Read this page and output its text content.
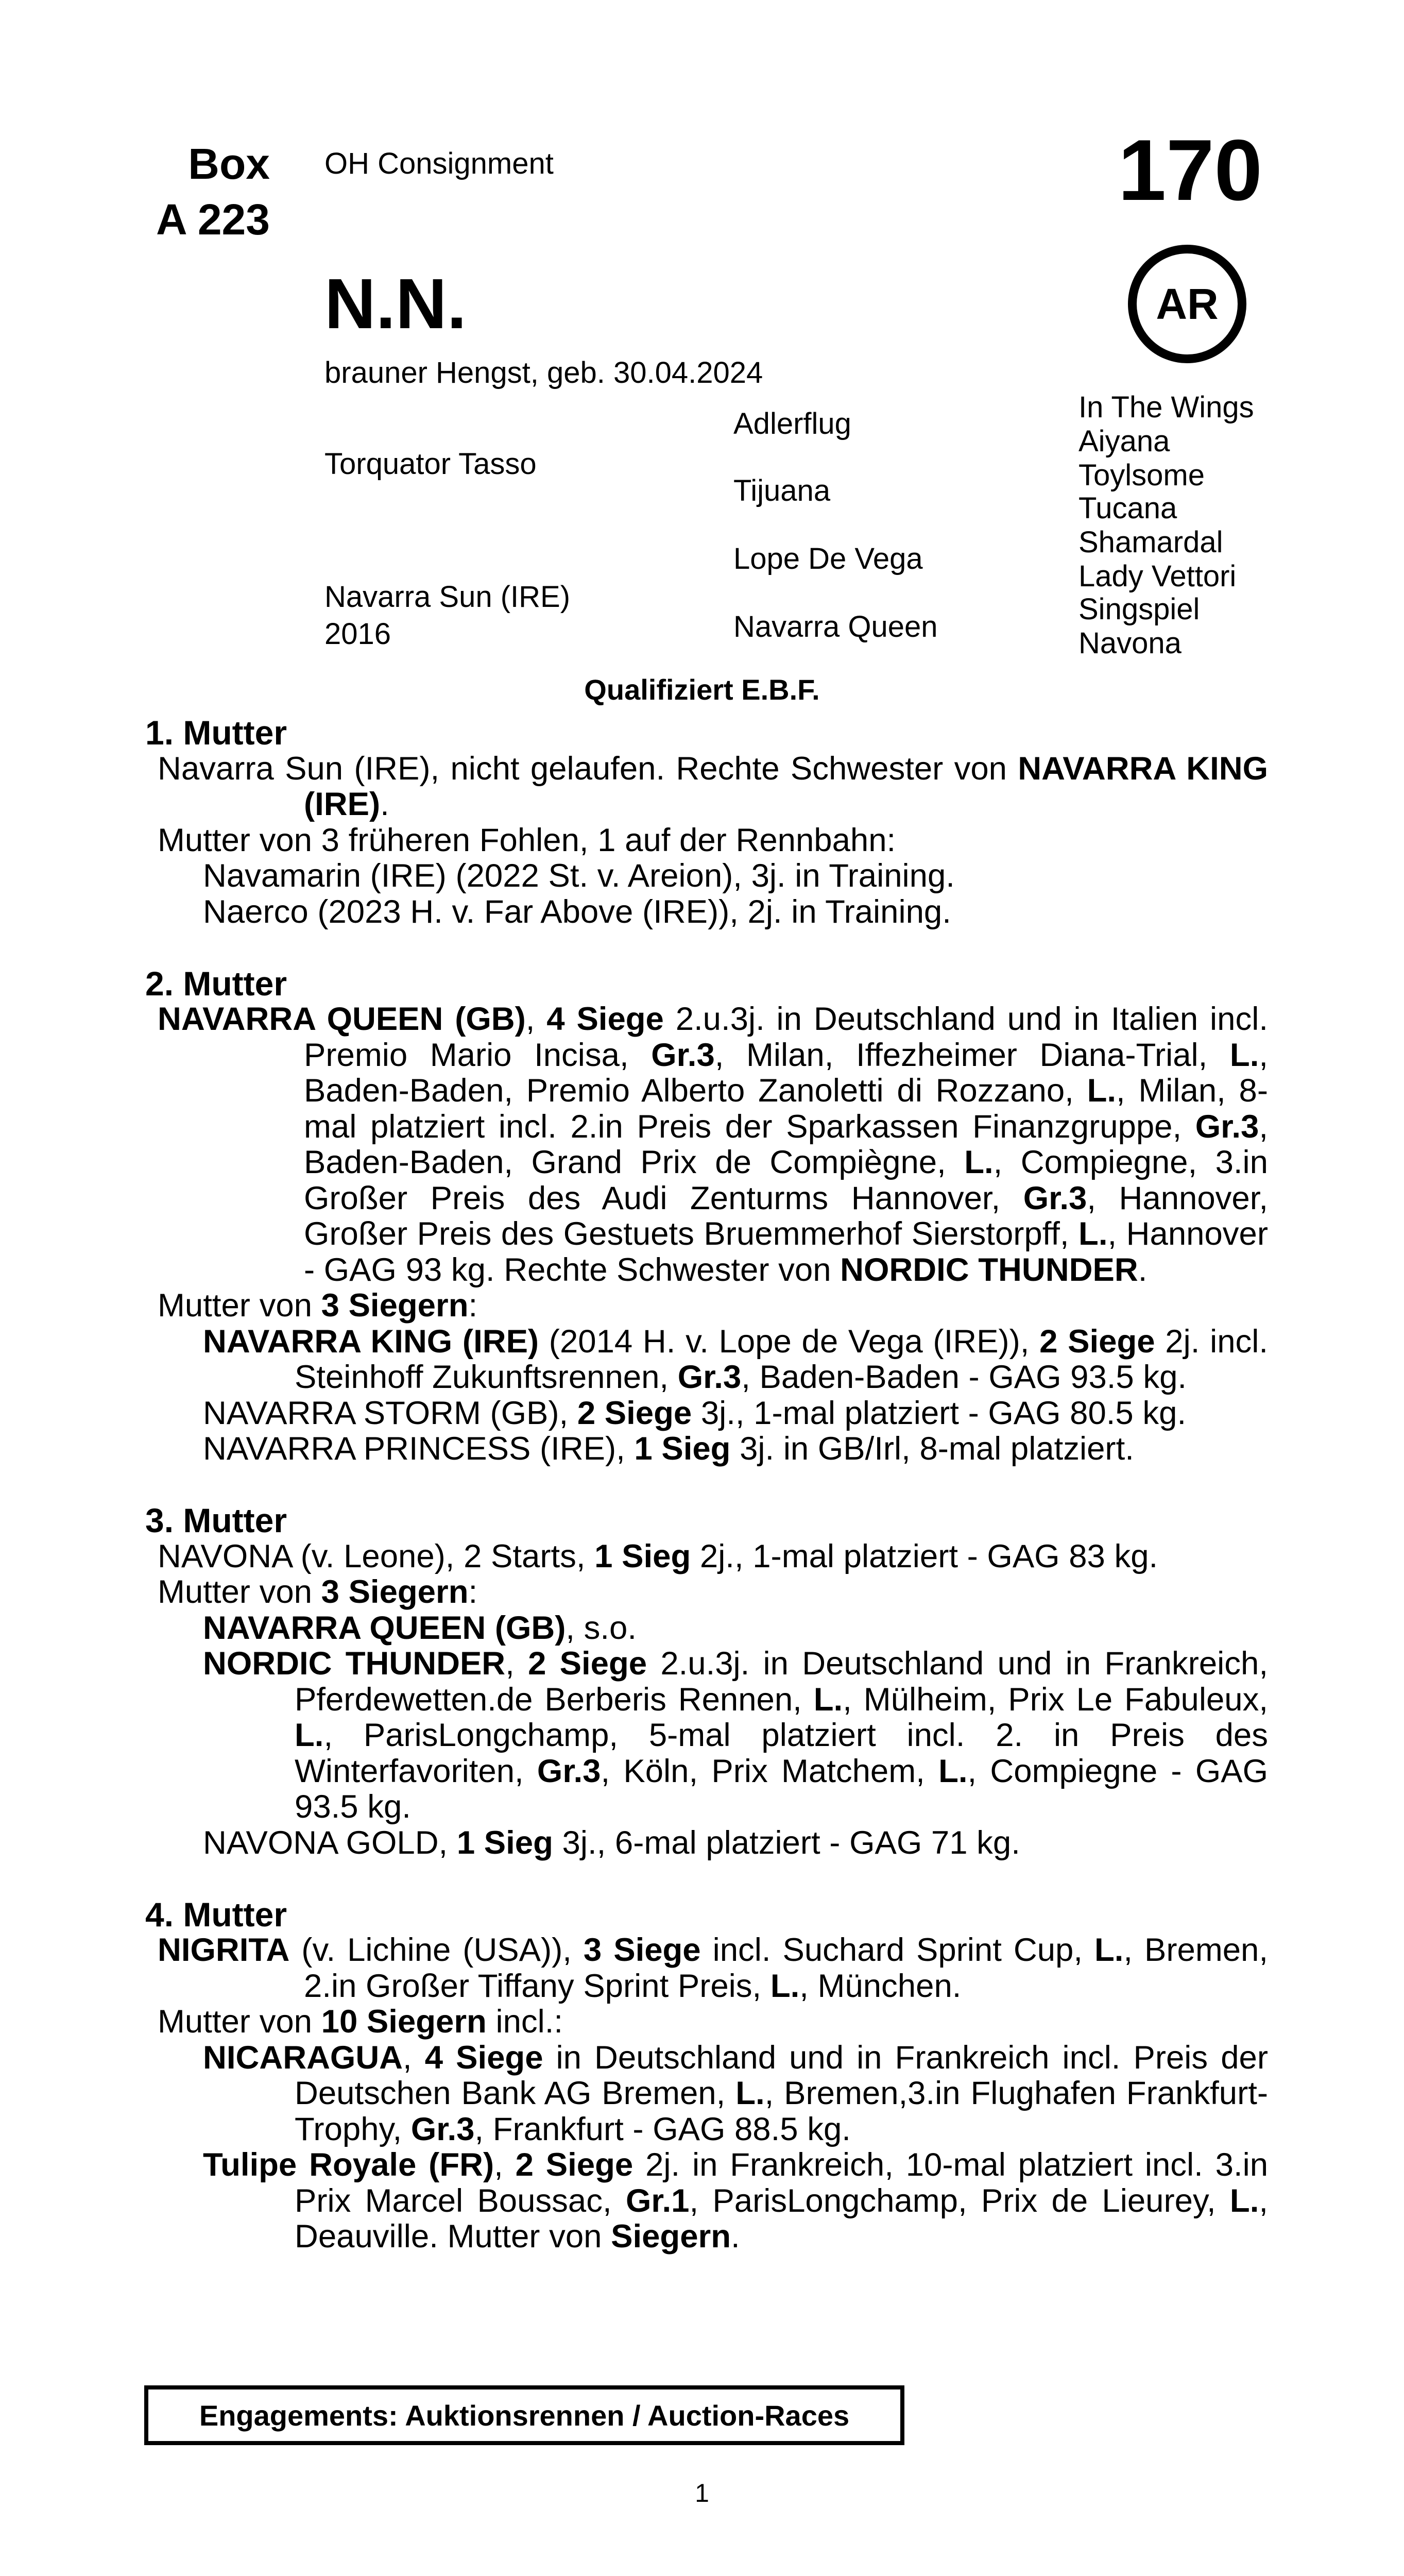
Box
A 223
OH Consignment	170
AR
N.N.
brauner Hengst, geb. 30.04.2024
Torquator Tasso
Navarra Sun (IRE)
2016
Adlerflug
Tijuana
Lope De Vega
Navarra Queen
In The Wings
Aiyana
Toylsome
Tucana
Shamardal
Lady Vettori
Singspiel
Navona
Qualifiziert E.B.F.
1. Mutter
Navarra Sun (IRE), nicht gelaufen. Rechte Schwester von NAVARRA KING (IRE).
Mutter von 3 früheren Fohlen, 1 auf der Rennbahn:
Navamarin (IRE) (2022 St. v. Areion), 3j. in Training.
Naerco (2023 H. v. Far Above (IRE)), 2j. in Training.
2. Mutter
NAVARRA QUEEN (GB), 4 Siege 2.u.3j. in Deutschland und in Italien incl. Premio Mario Incisa, Gr.3, Milan, Iffezheimer Diana-Trial, L., Baden-Baden, Premio Alberto Zanoletti di Rozzano, L., Milan, 8-mal platziert incl. 2.in Preis der Sparkassen Finanzgruppe, Gr.3, Baden-Baden, Grand Prix de Compiègne, L., Compiegne, 3.in Großer Preis des Audi Zenturms Hannover, Gr.3, Hannover, Großer Preis des Gestuets Bruemmerhof Sierstorpff, L., Hannover - GAG 93 kg. Rechte Schwester von NORDIC THUNDER.
Mutter von 3 Siegern:
NAVARRA KING (IRE) (2014 H. v. Lope de Vega (IRE)), 2 Siege 2j. incl. Steinhoff Zukunftsrennen, Gr.3, Baden-Baden - GAG 93.5 kg.
NAVARRA STORM (GB), 2 Siege 3j., 1-mal platziert - GAG 80.5 kg.
NAVARRA PRINCESS (IRE), 1 Sieg 3j. in GB/Irl, 8-mal platziert.
3. Mutter
NAVONA (v. Leone), 2 Starts, 1 Sieg 2j., 1-mal platziert - GAG 83 kg.
Mutter von 3 Siegern:
NAVARRA QUEEN (GB), s.o.
NORDIC THUNDER, 2 Siege 2.u.3j. in Deutschland und in Frankreich, Pferdewetten.de Berberis Rennen, L., Mülheim, Prix Le Fabuleux, L., ParisLongchamp, 5-mal platziert incl. 2. in Preis des Winterfavoriten, Gr.3, Köln, Prix Matchem, L., Compiegne - GAG 93.5 kg.
NAVONA GOLD, 1 Sieg 3j., 6-mal platziert - GAG 71 kg.
4. Mutter
NIGRITA (v. Lichine (USA)), 3 Siege incl. Suchard Sprint Cup, L., Bremen, 2.in Großer Tiffany Sprint Preis, L., München.
Mutter von 10 Siegern incl.:
NICARAGUA, 4 Siege in Deutschland und in Frankreich incl. Preis der Deutschen Bank AG Bremen, L., Bremen,3.in Flughafen Frankfurt-Trophy, Gr.3, Frankfurt - GAG 88.5 kg.
Tulipe Royale (FR), 2 Siege 2j. in Frankreich, 10-mal platziert incl. 3.in Prix Marcel Boussac, Gr.1, ParisLongchamp, Prix de Lieurey, L., Deauville. Mutter von Siegern.
Engagements: Auktionsrennen / Auction-Races
1
